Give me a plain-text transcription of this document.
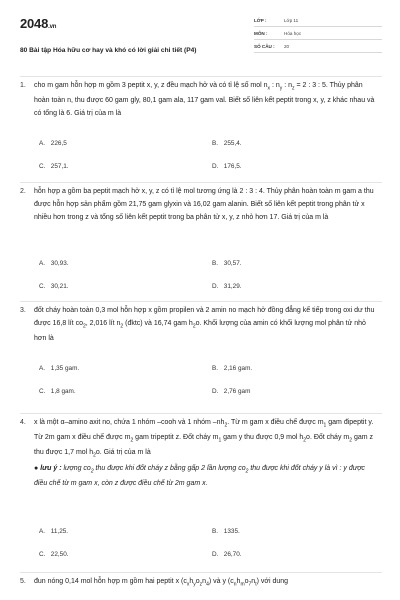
2048.vn
80 Bài tập Hóa hữu cơ hay và khó có lời giải chi tiết (P4)
LỚP :	Lớp 11
MÔN :	Hóa học
SỐ CÂU : 20
1. cho m gam hỗn hợp m gồm 3 peptit x, y, z đều mạch hở và có tỉ lệ số mol $n_x$ : $n_y$ : $n_z = 2$ : 3 : 5. Thủy phân hoàn toàn n, thu được 60 gam gly, 80,1 gam ala, 117 gam val. Biết số liên kết peptit trong x, y, z khác nhau và có tổng là 6. Giá trị của m là
A. 226,5	B. 255,4.
C. 257,1.	D. 176,5.
2. hỗn hợp a gồm ba peptit mạch hở x, y, z có tỉ lệ mol tương ứng là 2 : 3 : 4. Thủy phân hoàn toàn m gam a thu được hỗn hợp sản phẩm gồm 21,75 gam glyxin và 16,02 gam alanin. Biết số liên kết peptit trong phân tử x nhiều hơn trong z và tổng số liên kết peptit trong ba phân tử x, y, z nhỏ hơn 17. Giá trị của m là
A. 30,93.	B. 30,57.
C. 30,21.	D. 31,29.
3. đốt cháy hoàn toàn 0,3 mol hỗn hợp x gồm propilen và 2 amin no mạch hở đồng đẳng kế tiếp trong oxi dư thu được 16,8 lít $co_2$, 2,016 lít $n_2$ (đktc) và 16,74 gam $h_2o$. Khối lượng của amin có khối lượng mol phân tử nhỏ hơn là
A. 1,35 gam.	B. 2,16 gam.
C. 1,8 gam.	D. 2,76 gam
4. x là một α–amino axit no, chứa 1 nhóm –cooh và 1 nhóm $-nh_2$. Từ m gam x điều chế được $m_1$ gam đipeptit y. Từ 2m gam x điều chế được $m_2$ gam tripeptit z. Đốt cháy $m_1$ gam y thu được 0,9 mol $h_2o$. Đốt cháy $m_2$ gam z thu được 1,7 mol $h_2o$. Giá trị của m là

● lưu ý : lượng $co_2$ thu được khi đốt cháy z bằng gấp 2 lần lượng $co_2$ thu được khi đốt cháy y là vì : y được điều chế từ m gam x, còn z được điều chế từ 2m gam x.

A. 11,25.	B. 1335.
C. 22,50.	D. 26,70.
5. đun nóng 0,14 mol hỗn hợp m gồm hai peptit x $(c_xh_yo_zn_4)$ và y $(c_nh_mo_7n_t)$ với dung
